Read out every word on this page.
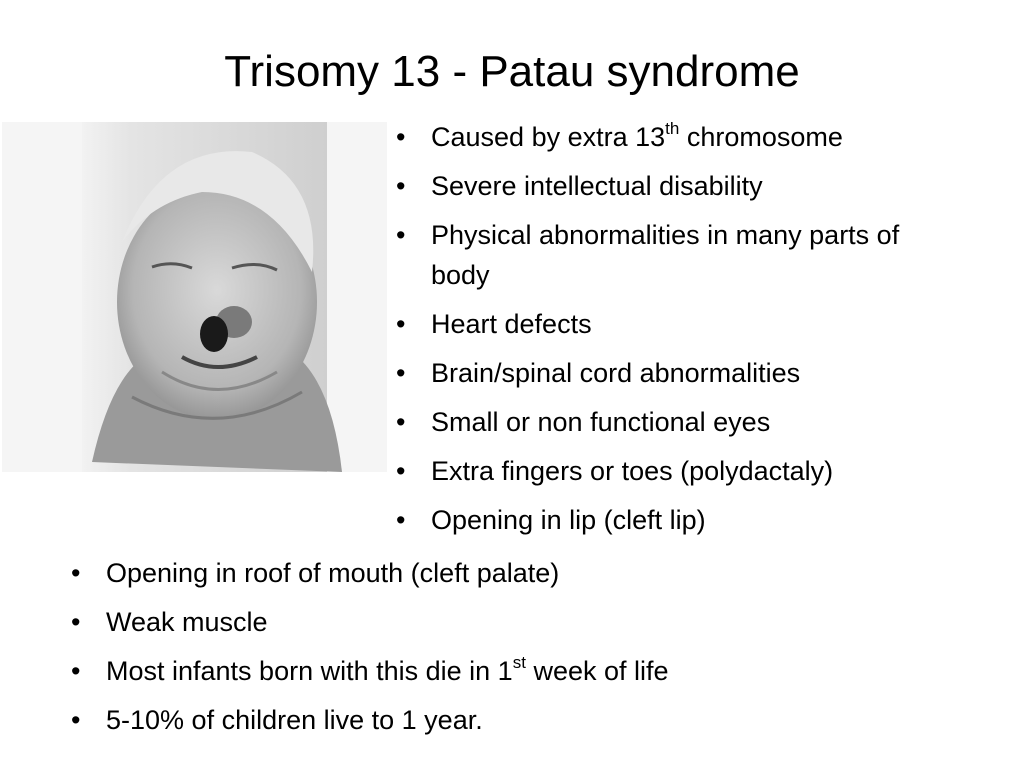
Trisomy 13 - Patau syndrome
• Caused by extra 13th chromosome
• Severe intellectual disability
• Physical abnormalities in many parts of body
• Heart defects
• Brain/spinal cord abnormalities
• Small or non functional eyes
• Extra fingers or toes (polydactaly)
• Opening in lip (cleft lip)
• Opening in roof of mouth (cleft palate)
• Weak muscle
• Most infants born with this die in 1st week of life
• 5-10% of children live to 1 year.
